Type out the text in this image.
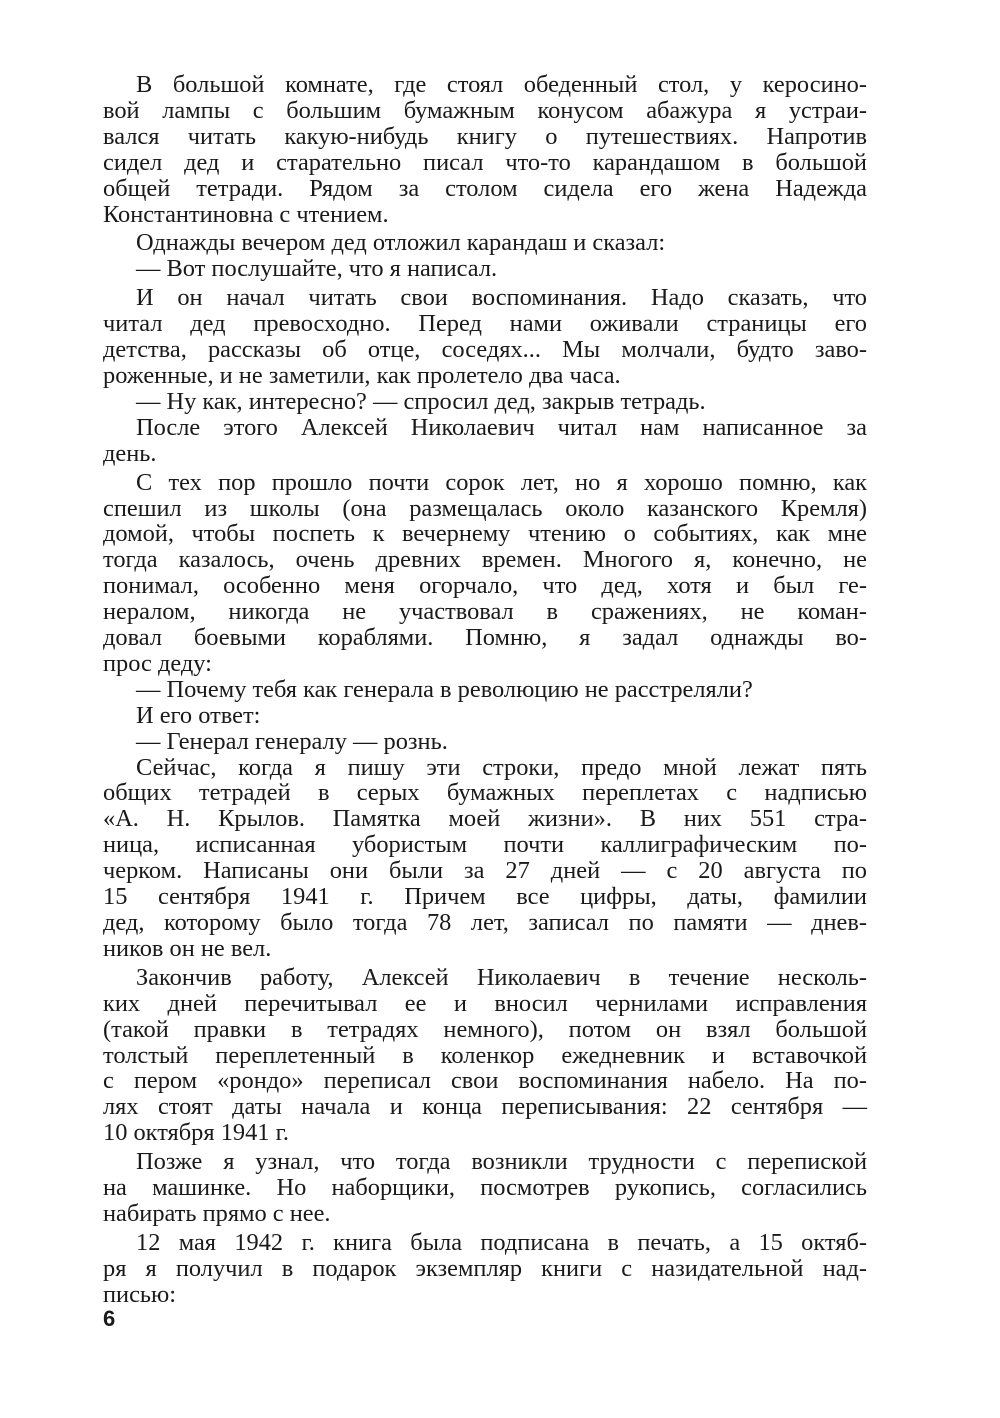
В большой комнате, где стоял обеденный стол, у керосино-
вой лампы с большим бумажным конусом абажура я устраи-
вался читать какую-нибудь книгу о путешествиях. Напротив
сидел дед и старательно писал что-то карандашом в большой
общей тетради. Рядом за столом сидела его жена Надежда
Константиновна с чтением.

Однажды вечером дед отложил карандаш и сказал:

— Вот послушайте, что я написал.

И он начал читать свои воспоминания. Надо сказать, что
читал дед превосходно. Перед нами оживали страницы его
детства, рассказы об отце, соседях... Мы молчали, будто заво-
роженные, и не заметили, как пролетело два часа.

— Ну как, интересно? — спросил дед, закрыв тетрадь.

После этого Алексей Николаевич читал нам написанное за
день.

С тех пор прошло почти сорок лет, но я хорошо помню, как
спешил из школы (она размещалась около казанского Кремля)
домой, чтобы поспеть к вечернему чтению о событиях, как мне
тогда казалось, очень древних времен. Многого я, конечно, не
понимал, особенно меня огорчало, что дед, хотя и был ге-
нералом, никогда не участвовал в сражениях, не коман-
довал боевыми кораблями. Помню, я задал однажды во-
прос деду:

— Почему тебя как генерала в революцию не расстреляли?

И его ответ:

— Генерал генералу — рознь.

Сейчас, когда я пишу эти строки, предо мной лежат пять
общих тетрадей в серых бумажных переплетах с надписью
«А. Н. Крылов. Памятка моей жизни». В них 551 стра-
ница, исписанная убористым почти каллиграфическим по-
черком. Написаны они были за 27 дней — с 20 августа по
15 сентября 1941 г. Причем все цифры, даты, фамилии
дед, которому было тогда 78 лет, записал по памяти — днев-
ников он не вел.

Закончив работу, Алексей Николаевич в течение несколь-
ких дней перечитывал ее и вносил чернилами исправления
(такой правки в тетрадях немного), потом он взял большой
толстый переплетенный в коленкор ежедневник и вставочкой
с пером «рондо» переписал свои воспоминания набело. На по-
лях стоят даты начала и конца переписывания: 22 сентября —
10 октября 1941 г.

Позже я узнал, что тогда возникли трудности с перепиской
на машинке. Но наборщики, посмотрев рукопись, согласились
набирать прямо с нее.

12 мая 1942 г. книга была подписана в печать, а 15 октяб-
ря я получил в подарок экземпляр книги с назидательной над-
писью:

6
